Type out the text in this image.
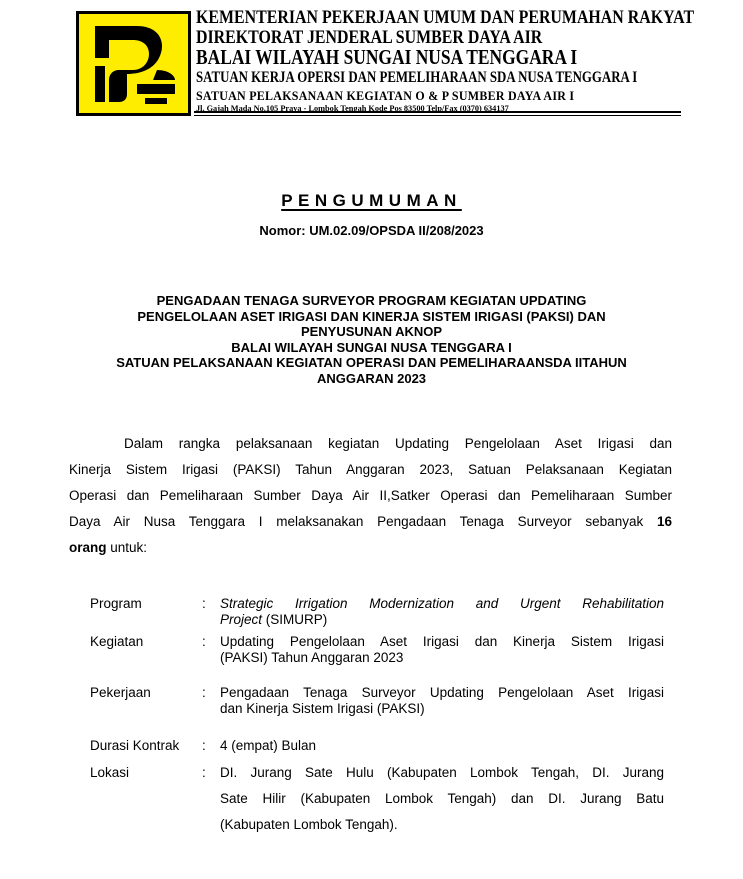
KEMENTERIAN PEKERJAAN UMUM DAN PERUMAHAN RAKYAT
DIREKTORAT JENDERAL SUMBER DAYA AIR
BALAI WILAYAH SUNGAI NUSA TENGGARA I
SATUAN KERJA OPERSI DAN PEMELIHARAAN SDA NUSA TENGGARA I
SATUAN PELAKSANAAN KEGIATAN O & P SUMBER DAYA AIR I
Jl. Gajah Mada No.105 Praya - Lombok Tengah Kode Pos 83500 Telp/Fax (0370) 634137
PENGUMUMAN
Nomor: UM.02.09/OPSDA II/208/2023
PENGADAAN TENAGA SURVEYOR PROGRAM KEGIATAN UPDATING
PENGELOLAAN ASET IRIGASI DAN KINERJA SISTEM IRIGASI (PAKSI) DAN
PENYUSUNAN AKNOP
BALAI WILAYAH SUNGAI NUSA TENGGARA I
SATUAN PELAKSANAAN KEGIATAN OPERASI DAN PEMELIHARAANSDA IITAHUN
ANGGARAN 2023
Dalam rangka pelaksanaan kegiatan Updating Pengelolaan Aset Irigasi dan
Kinerja Sistem Irigasi (PAKSI) Tahun Anggaran 2023, Satuan Pelaksanaan Kegiatan
Operasi dan Pemeliharaan Sumber Daya Air II,Satker Operasi dan Pemeliharaan Sumber
Daya Air Nusa Tenggara I melaksanakan Pengadaan Tenaga Surveyor sebanyak 16
orang untuk:
Program	:	Strategic Irrigation Modernization and Urgent Rehabilitation
Project (SIMURP)
Kegiatan	:	Updating Pengelolaan Aset Irigasi dan Kinerja Sistem Irigasi
(PAKSI) Tahun Anggaran 2023
Pekerjaan	:	Pengadaan Tenaga Surveyor Updating Pengelolaan Aset Irigasi
dan Kinerja Sistem Irigasi (PAKSI)
Durasi Kontrak	:	4 (empat) Bulan
Lokasi	:	DI. Jurang Sate Hulu (Kabupaten Lombok Tengah, DI. Jurang
Sate Hilir (Kabupaten Lombok Tengah) dan DI. Jurang Batu
(Kabupaten Lombok Tengah).
